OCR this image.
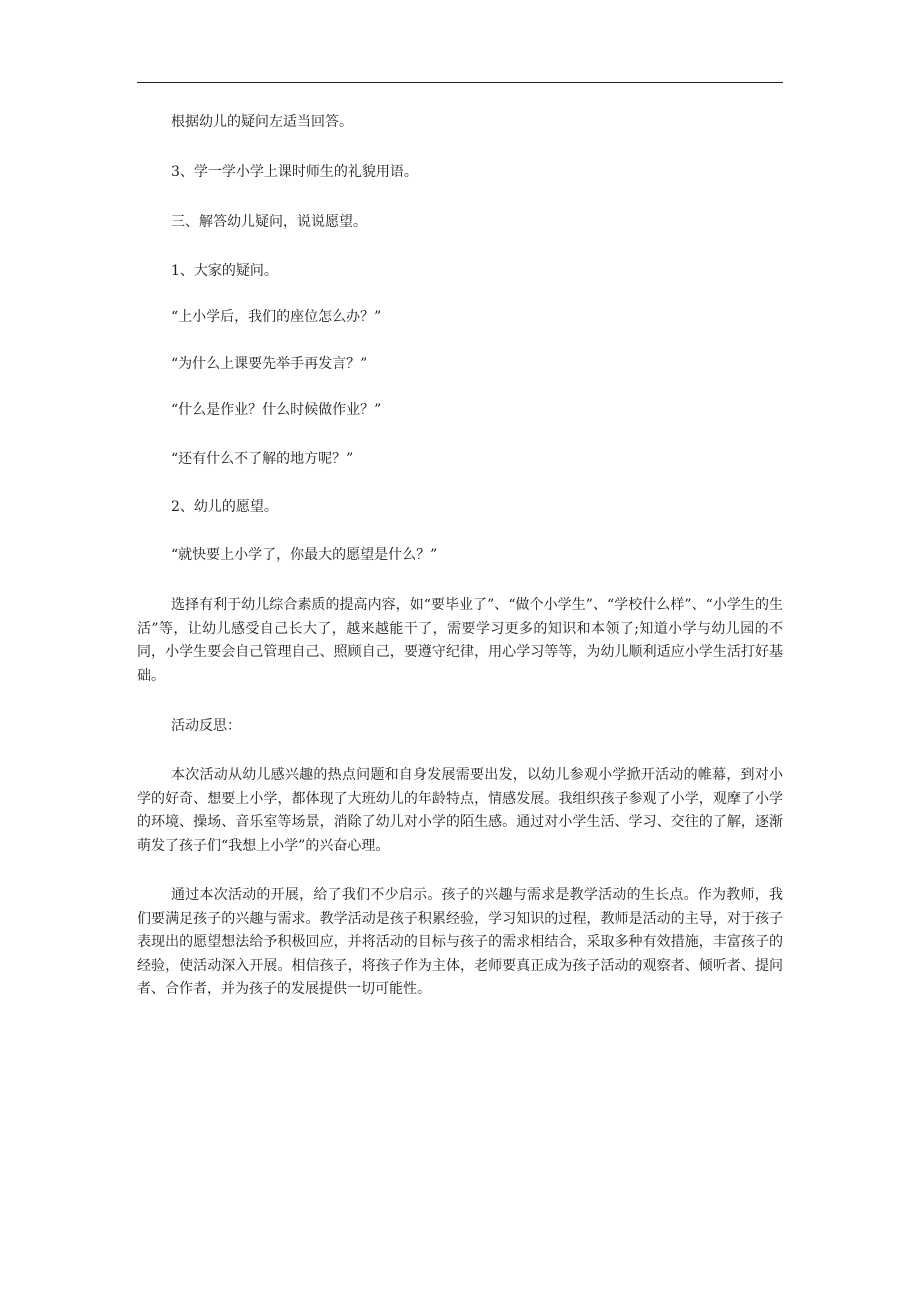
根据幼儿的疑问左适当回答。
3、学一学小学上课时师生的礼貌用语。
三、解答幼儿疑问，说说愿望。
1、大家的疑问。
“上小学后，我们的座位怎么办？”
“为什么上课要先举手再发言？”
“什么是作业？什么时候做作业？”
“还有什么不了解的地方呢？”
2、幼儿的愿望。
“就快要上小学了，你最大的愿望是什么？”
选择有利于幼儿综合素质的提高内容，如“要毕业了”、“做个小学生”、“学校什么样”、“小学生的生活”等，让幼儿感受自己长大了，越来越能干了，需要学习更多的知识和本领了;知道小学与幼儿园的不同，小学生要会自己管理自己、照顾自己，要遵守纪律，用心学习等等，为幼儿顺利适应小学生活打好基础。
活动反思：
本次活动从幼儿感兴趣的热点问题和自身发展需要出发，以幼儿参观小学掀开活动的帷幕，到对小学的好奇、想要上小学，都体现了大班幼儿的年龄特点，情感发展。我组织孩子参观了小学，观摩了小学的环境、操场、音乐室等场景，消除了幼儿对小学的陌生感。通过对小学生活、学习、交往的了解，逐渐萌发了孩子们“我想上小学”的兴奋心理。
通过本次活动的开展，给了我们不少启示。孩子的兴趣与需求是教学活动的生长点。作为教师，我们要满足孩子的兴趣与需求。教学活动是孩子积累经验，学习知识的过程，教师是活动的主导，对于孩子表现出的愿望想法给予积极回应，并将活动的目标与孩子的需求相结合，采取多种有效措施，丰富孩子的经验，使活动深入开展。相信孩子，将孩子作为主体，老师要真正成为孩子活动的观察者、倾听者、提问者、合作者，并为孩子的发展提供一切可能性。
